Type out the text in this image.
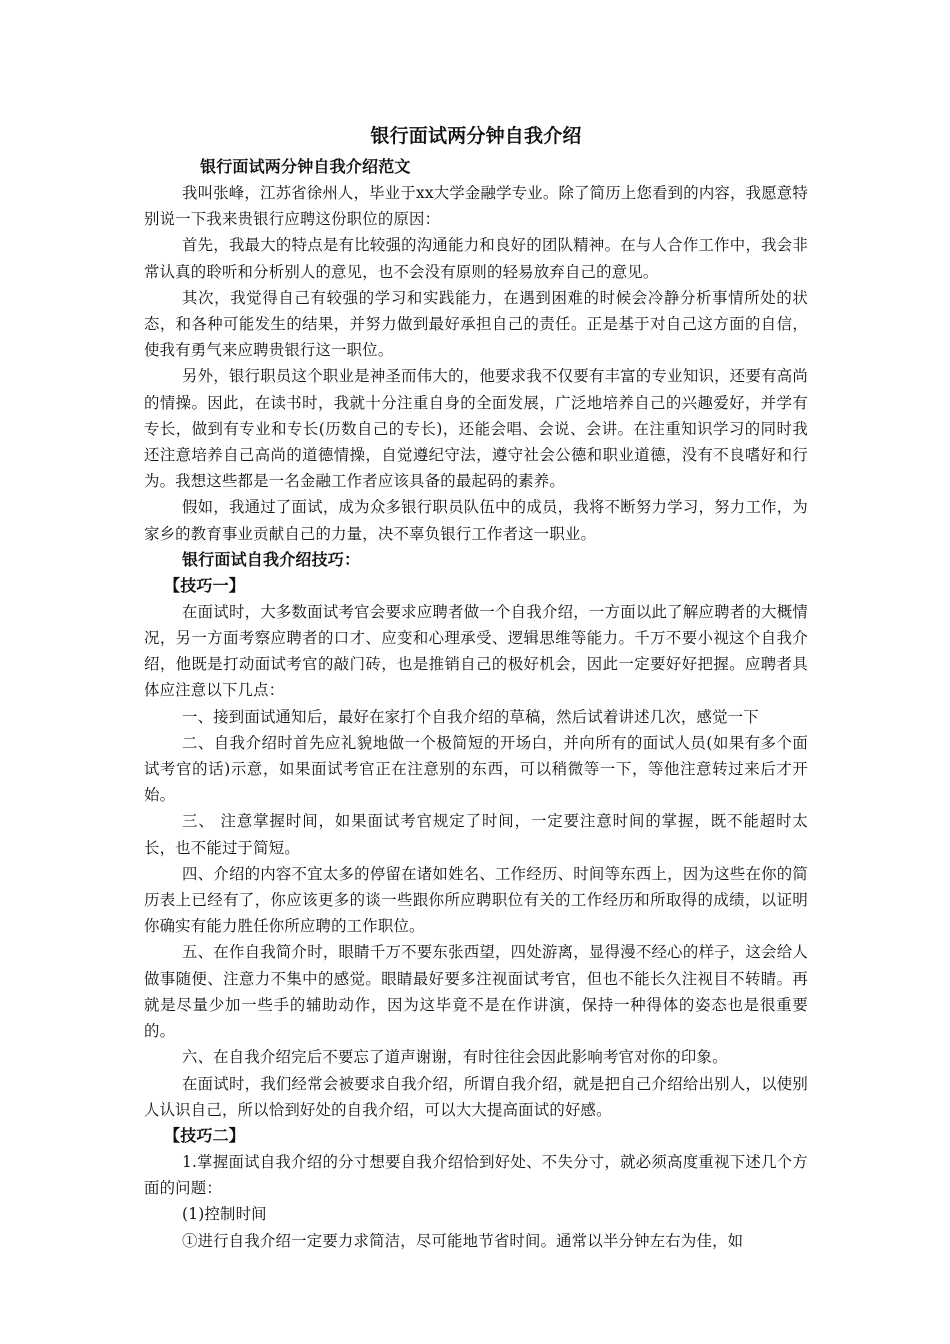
银行面试两分钟自我介绍
银行面试两分钟自我介绍范文

我叫张峰，江苏省徐州人，毕业于xx大学金融学专业。除了简历上您看到的内容，我愿意特别说一下我来贵银行应聘这份职位的原因：

首先，我最大的特点是有比较强的沟通能力和良好的团队精神。在与人合作工作中，我会非常认真的聆听和分析别人的意见，也不会没有原则的轻易放弃自己的意见。

其次，我觉得自己有较强的学习和实践能力，在遇到困难的时候会冷静分析事情所处的状态，和各种可能发生的结果，并努力做到最好承担自己的责任。正是基于对自己这方面的自信，使我有勇气来应聘贵银行这一职位。

另外，银行职员这个职业是神圣而伟大的，他要求我不仅要有丰富的专业知识，还要有高尚的情操。因此，在读书时，我就十分注重自身的全面发展，广泛地培养自己的兴趣爱好，并学有专长，做到有专业和专长(历数自己的专长)，还能会唱、会说、会讲。在注重知识学习的同时我还注意培养自己高尚的道德情操，自觉遵纪守法，遵守社会公德和职业道德，没有不良嗜好和行为。我想这些都是一名金融工作者应该具备的最起码的素养。

假如，我通过了面试，成为众多银行职员队伍中的成员，我将不断努力学习，努力工作，为家乡的教育事业贡献自己的力量，决不辜负银行工作者这一职业。

银行面试自我介绍技巧：
【技巧一】

在面试时，大多数面试考官会要求应聘者做一个自我介绍，一方面以此了解应聘者的大概情况，另一方面考察应聘者的口才、应变和心理承受、逻辑思维等能力。千万不要小视这个自我介绍，他既是打动面试考官的敲门砖，也是推销自己的极好机会，因此一定要好好把握。应聘者具体应注意以下几点：

一、接到面试通知后，最好在家打个自我介绍的草稿，然后试着讲述几次，感觉一下

二、自我介绍时首先应礼貌地做一个极简短的开场白，并向所有的面试人员(如果有多个面试考官的话)示意，如果面试考官正在注意别的东西，可以稍微等一下，等他注意转过来后才开始。

三、 注意掌握时间，如果面试考官规定了时间，一定要注意时间的掌握，既不能超时太长，也不能过于简短。

四、介绍的内容不宜太多的停留在诸如姓名、工作经历、时间等东西上，因为这些在你的简历表上已经有了，你应该更多的谈一些跟你所应聘职位有关的工作经历和所取得的成绩，以证明你确实有能力胜任你所应聘的工作职位。

五、在作自我简介时，眼睛千万不要东张西望，四处游离，显得漫不经心的样子，这会给人做事随便、注意力不集中的感觉。眼睛最好要多注视面试考官，但也不能长久注视目不转睛。再就是尽量少加一些手的辅助动作，因为这毕竟不是在作讲演，保持一种得体的姿态也是很重要的。

六、在自我介绍完后不要忘了道声谢谢，有时往往会因此影响考官对你的印象。

在面试时，我们经常会被要求自我介绍，所谓自我介绍，就是把自己介绍给出别人，以使别人认识自己，所以恰到好处的自我介绍，可以大大提高面试的好感。

【技巧二】

1.掌握面试自我介绍的分寸想要自我介绍恰到好处、不失分寸，就必须高度重视下述几个方面的问题：

(1)控制时间

①进行自我介绍一定要力求简洁，尽可能地节省时间。通常以半分钟左右为佳，如
